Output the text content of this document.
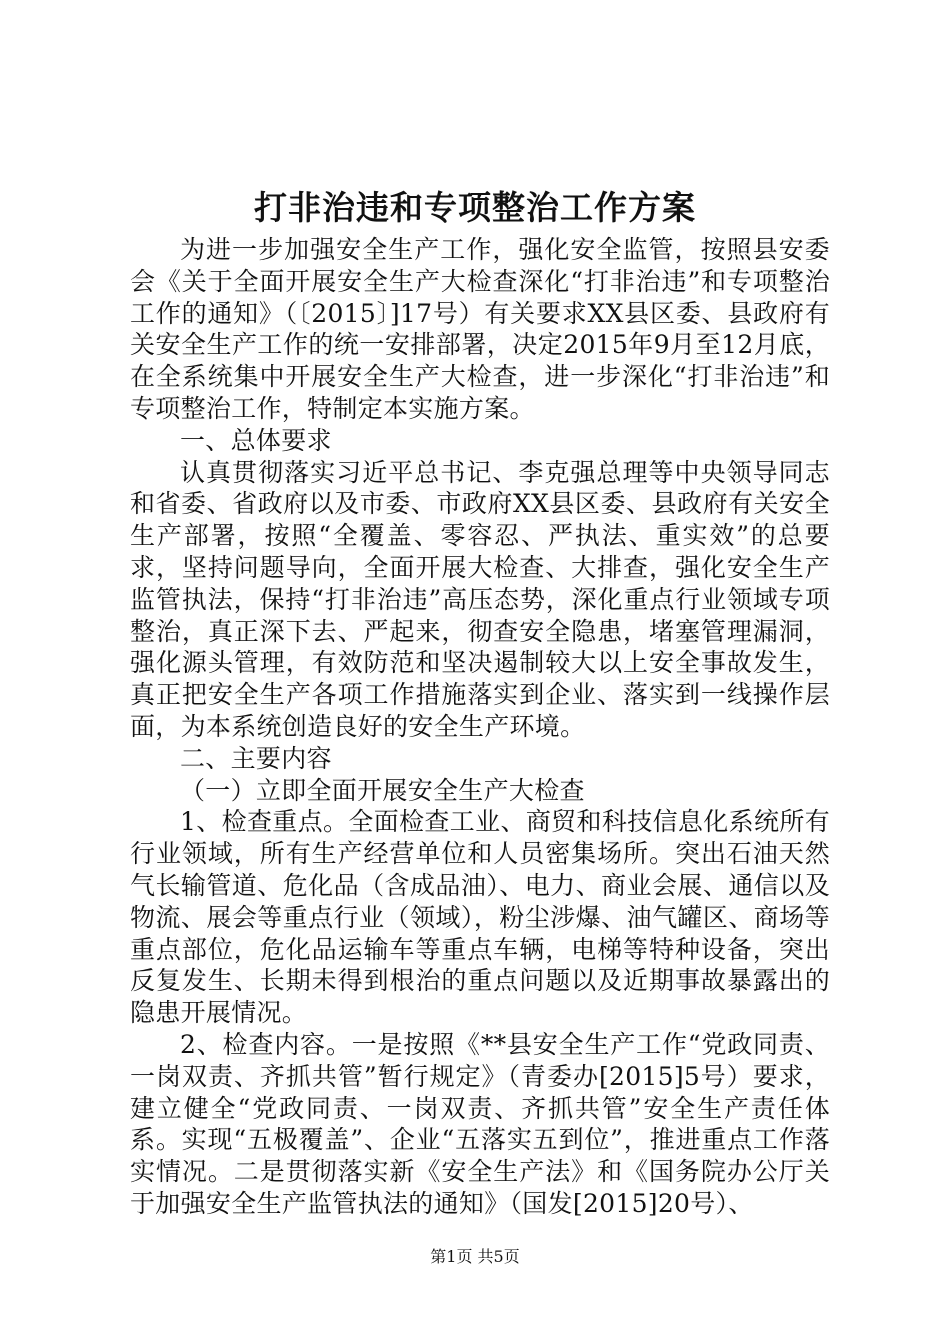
打非治违和专项整治工作方案

为进一步加强安全生产工作，强化安全监管，按照县安委会《关于全面开展安全生产大检查深化“打非治违”和专项整治工作的通知》（〔2015〕]17号）有关要求XX县区委、县政府有关安全生产工作的统一安排部署，决定2015年9月至12月底，在全系统集中开展安全生产大检查，进一步深化“打非治违”和专项整治工作，特制定本实施方案。

一、总体要求

认真贯彻落实习近平总书记、李克强总理等中央领导同志和省委、省政府以及市委、市政府XX县区委、县政府有关安全生产部署，按照“全覆盖、零容忍、严执法、重实效”的总要求，坚持问题导向，全面开展大检查、大排查，强化安全生产监管执法，保持“打非治违”高压态势，深化重点行业领域专项整治，真正深下去、严起来，彻查安全隐患，堵塞管理漏洞，强化源头管理，有效防范和坚决遏制较大以上安全事故发生，真正把安全生产各项工作措施落实到企业、落实到一线操作层面，为本系统创造良好的安全生产环境。

二、主要内容

（一）立即全面开展安全生产大检查

1、检查重点。全面检查工业、商贸和科技信息化系统所有行业领域，所有生产经营单位和人员密集场所。突出石油天然气长输管道、危化品（含成品油）、电力、商业会展、通信以及物流、展会等重点行业（领域），粉尘涉爆、油气罐区、商场等重点部位，危化品运输车等重点车辆，电梯等特种设备，突出反复发生、长期未得到根治的重点问题以及近期事故暴露出的隐患开展情况。

2、检查内容。一是按照《**县安全生产工作“党政同责、一岗双责、齐抓共管”暂行规定》（青委办[2015]5号）要求，建立健全“党政同责、一岗双责、齐抓共管”安全生产责任体系。实现“五极覆盖”、企业“五落实五到位”，推进重点工作落实情况。二是贯彻落实新《安全生产法》和《国务院办公厅关于加强安全生产监管执法的通知》（国发[2015]20号）、

第1页 共5页
